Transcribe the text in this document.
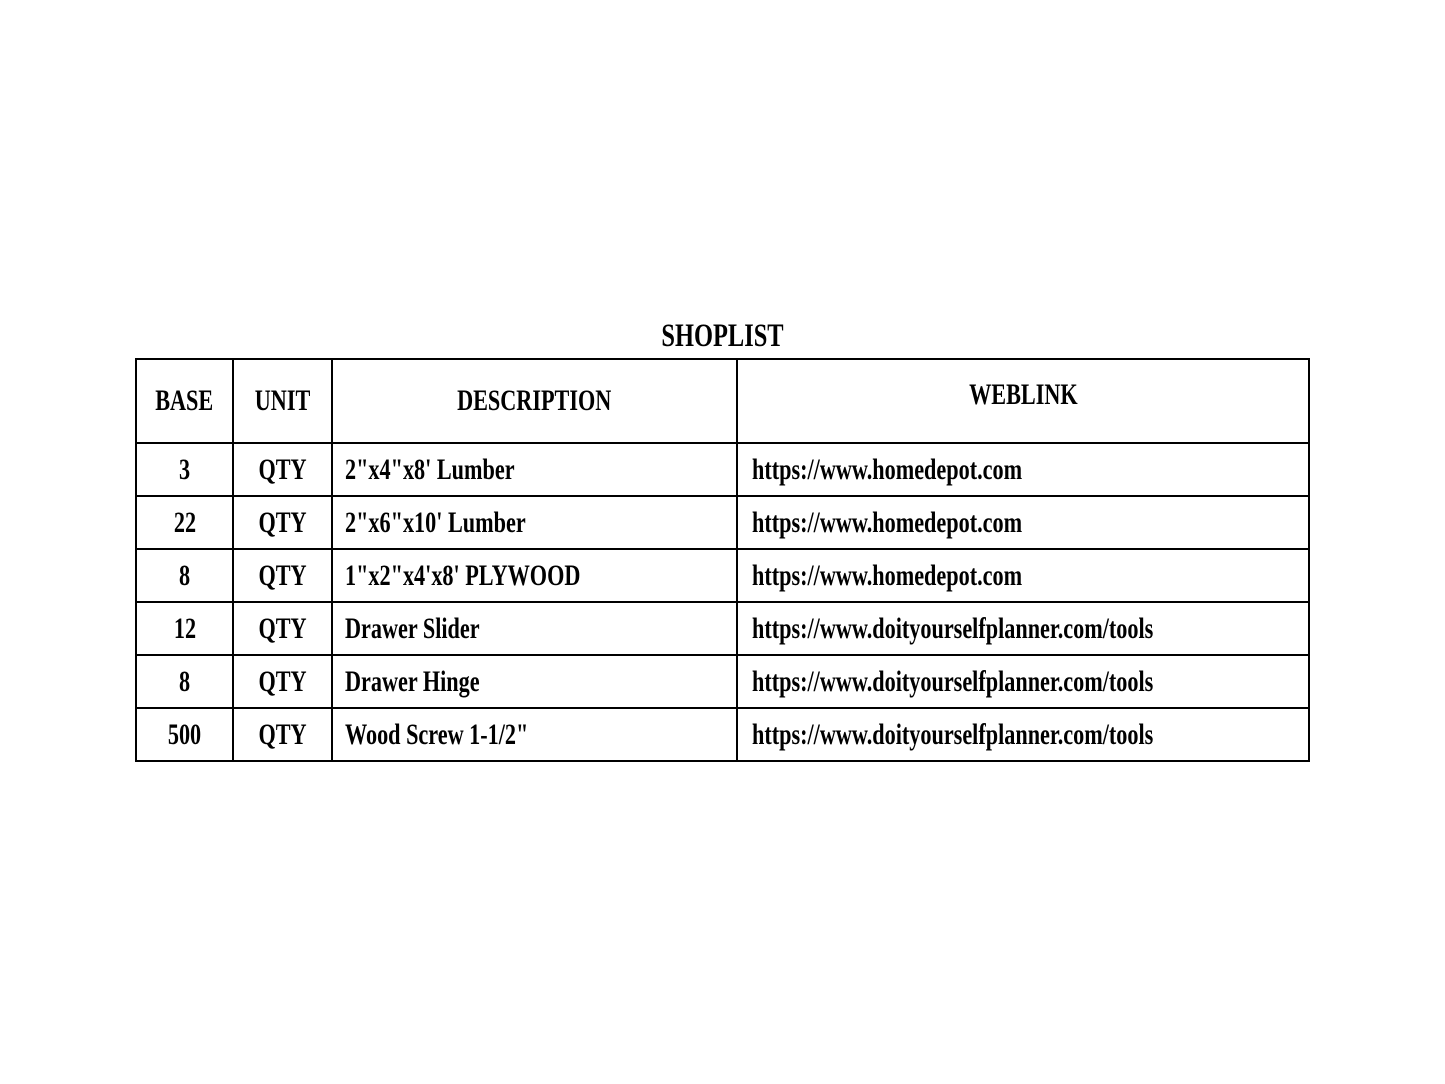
SHOPLIST
BASE	UNIT	DESCRIPTION	WEBLINK
3	QTY	2"x4"x8' Lumber	https://www.homedepot.com
22	QTY	2"x6"x10' Lumber	https://www.homedepot.com
8	QTY	1"x2"x4'x8' PLYWOOD	https://www.homedepot.com
12	QTY	Drawer Slider	https://www.doityourselfplanner.com/tools
8	QTY	Drawer Hinge	https://www.doityourselfplanner.com/tools
500	QTY	Wood Screw 1-1/2"	https://www.doityourselfplanner.com/tools
